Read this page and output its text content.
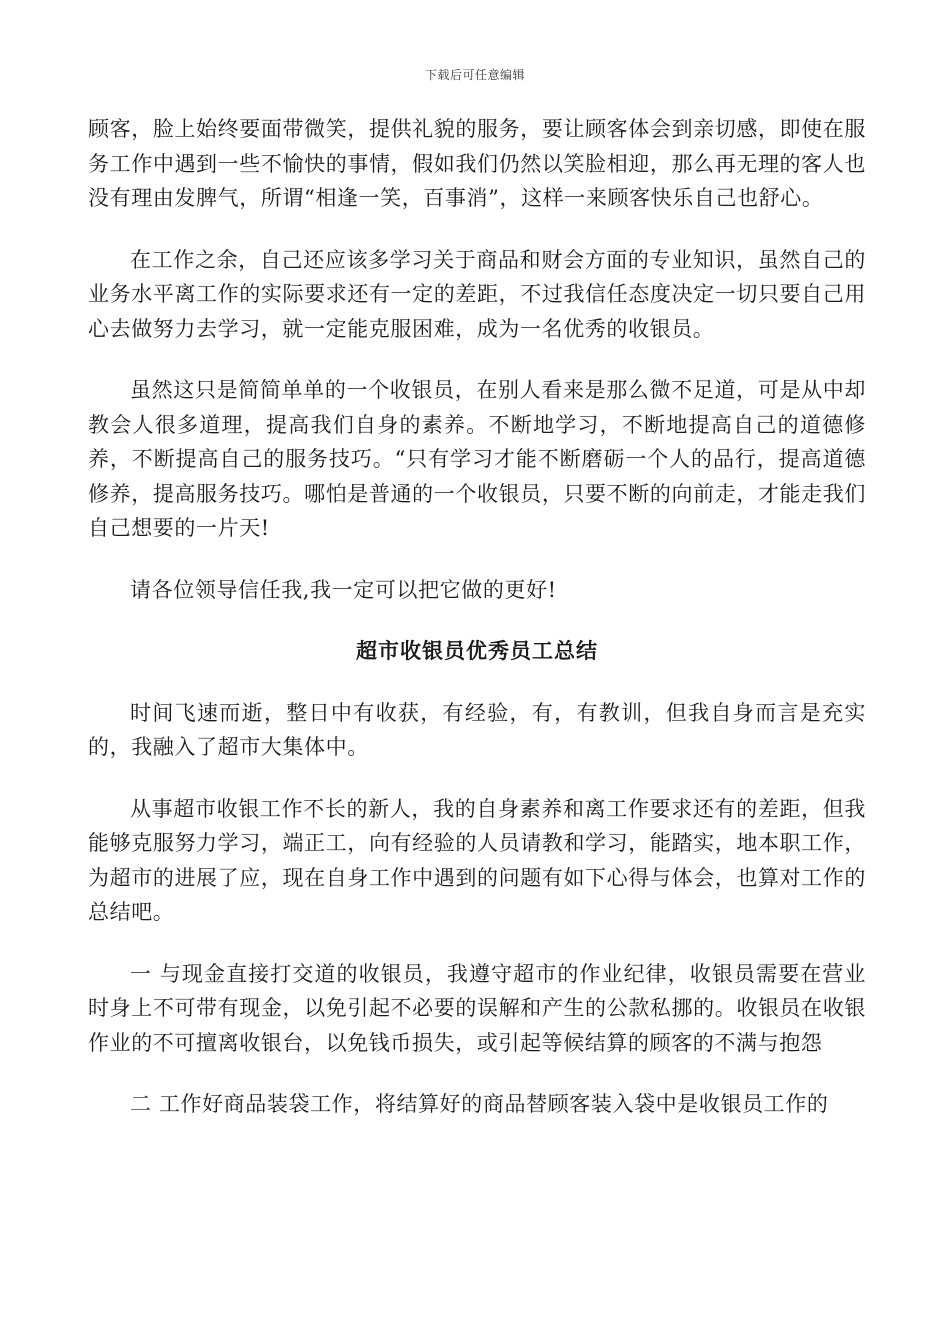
下载后可任意编辑

顾客，脸上始终要面带微笑，提供礼貌的服务，要让顾客体会到亲切感，即使在服务工作中遇到一些不愉快的事情，假如我们仍然以笑脸相迎，那么再无理的客人也没有理由发脾气，所谓“相逢一笑，百事消”，这样一来顾客快乐自己也舒心。

在工作之余，自己还应该多学习关于商品和财会方面的专业知识，虽然自己的业务水平离工作的实际要求还有一定的差距，不过我信任态度决定一切只要自己用心去做努力去学习，就一定能克服困难，成为一名优秀的收银员。

虽然这只是简简单单的一个收银员，在别人看来是那么微不足道，可是从中却教会人很多道理，提高我们自身的素养。不断地学习，不断地提高自己的道德修养，不断提高自己的服务技巧。“只有学习才能不断磨砺一个人的品行，提高道德修养，提高服务技巧。哪怕是普通的一个收银员，只要不断的向前走，才能走我们自己想要的一片天!

请各位领导信任我,我一定可以把它做的更好!

超市收银员优秀员工总结

时间飞速而逝，整日中有收获，有经验，有，有教训，但我自身而言是充实的，我融入了超市大集体中。

从事超市收银工作不长的新人，我的自身素养和离工作要求还有的差距，但我能够克服努力学习，端正工，向有经验的人员请教和学习，能踏实，地本职工作，为超市的进展了应，现在自身工作中遇到的问题有如下心得与体会，也算对工作的总结吧。

一 与现金直接打交道的收银员，我遵守超市的作业纪律，收银员需要在营业时身上不可带有现金，以免引起不必要的误解和产生的公款私挪的。收银员在收银作业的不可擅离收银台，以免钱币损失，或引起等候结算的顾客的不满与抱怨

二 工作好商品装袋工作，将结算好的商品替顾客装入袋中是收银员工作的
